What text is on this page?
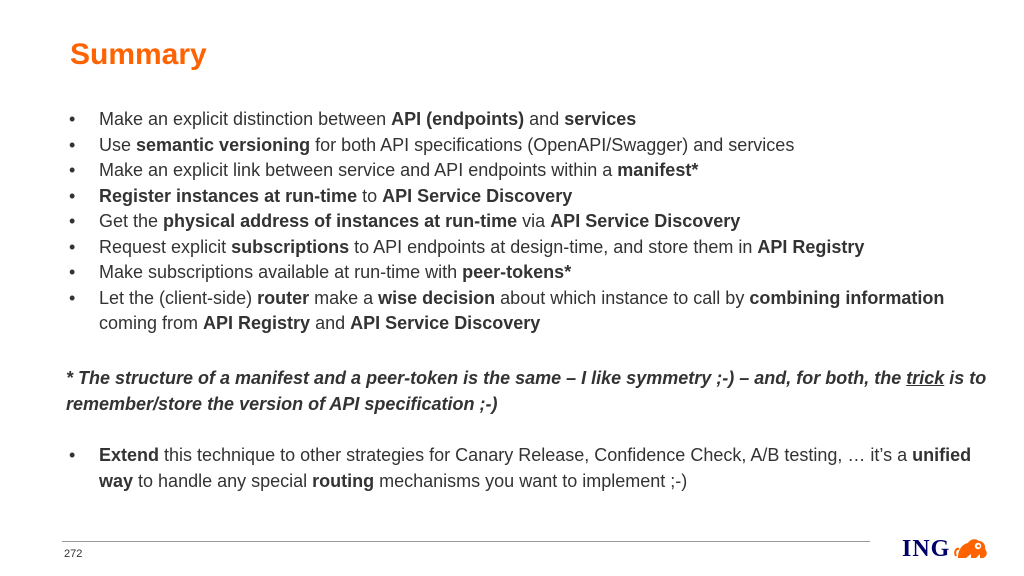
Summary
• Make an explicit distinction between API (endpoints) and services
• Use semantic versioning for both API specifications (OpenAPI/Swagger) and services
• Make an explicit link between service and API endpoints within a manifest*
• Register instances at run-time to API Service Discovery
• Get the physical address of instances at run-time via API Service Discovery
• Request explicit subscriptions to API endpoints at design-time, and store them in API Registry
• Make subscriptions available at run-time with peer-tokens*
• Let the (client-side) router make a wise decision about which instance to call by combining information coming from API Registry and API Service Discovery

* The structure of a manifest and a peer-token is the same – I like symmetry ;-) – and, for both, the trick is to remember/store the version of API specification ;-)

• Extend this technique to other strategies for Canary Release, Confidence Check, A/B testing, … it’s a unified way to handle any special routing mechanisms you want to implement ;-)
272	ING
